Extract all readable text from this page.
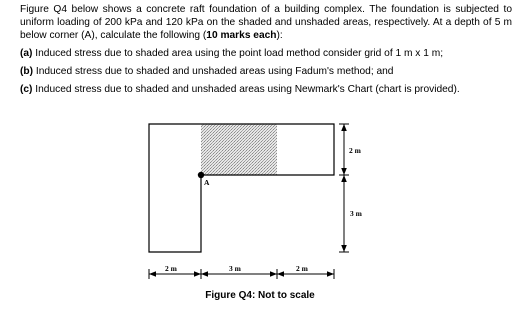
Figure Q4 below shows a concrete raft foundation of a building complex. The foundation is subjected to uniform loading of 200 kPa and 120 kPa on the shaded and unshaded areas, respectively. At a depth of 5 m below corner (A), calculate the following (10 marks each):

(a) Induced stress due to shaded area using the point load method consider grid of 1 m x 1 m;

(b) Induced stress due to shaded and unshaded areas using Fadum's method; and

(c) Induced stress due to shaded and unshaded areas using Newmark's Chart (chart is provided).

A
2 m
3 m
2 m	3 m	2 m
Figure Q4: Not to scale
